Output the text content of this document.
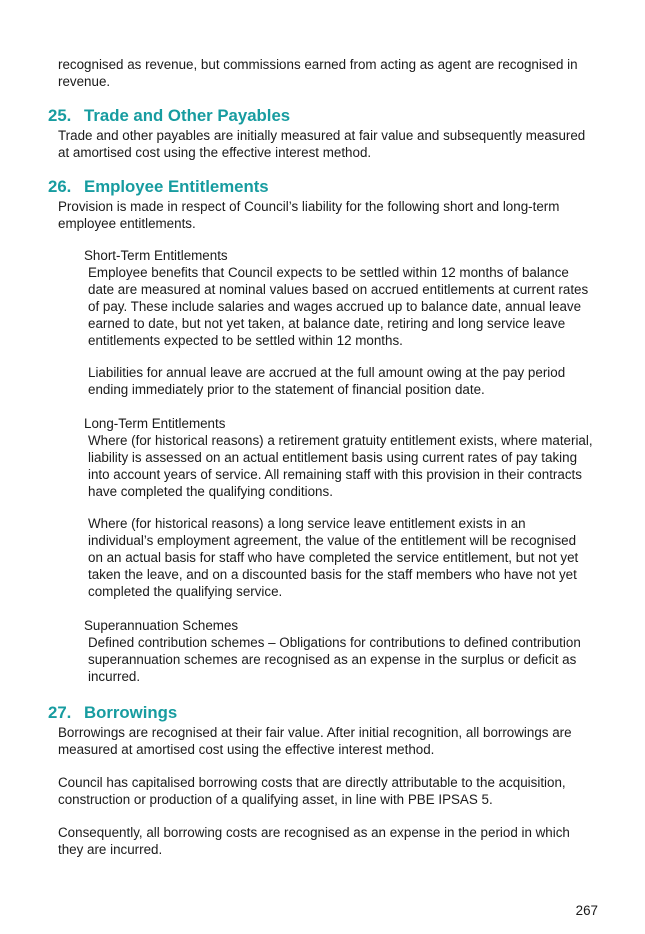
recognised as revenue, but commissions earned from acting as agent are recognised in revenue.

25. Trade and Other Payables

Trade and other payables are initially measured at fair value and subsequently measured at amortised cost using the effective interest method.

26. Employee Entitlements

Provision is made in respect of Council’s liability for the following short and long-term employee entitlements.

Short-Term Entitlements

Employee benefits that Council expects to be settled within 12 months of balance date are measured at nominal values based on accrued entitlements at current rates of pay. These include salaries and wages accrued up to balance date, annual leave earned to date, but not yet taken, at balance date, retiring and long service leave entitlements expected to be settled within 12 months.

Liabilities for annual leave are accrued at the full amount owing at the pay period ending immediately prior to the statement of financial position date.

Long-Term Entitlements

Where (for historical reasons) a retirement gratuity entitlement exists, where material, liability is assessed on an actual entitlement basis using current rates of pay taking into account years of service. All remaining staff with this provision in their contracts have completed the qualifying conditions.

Where (for historical reasons) a long service leave entitlement exists in an individual’s employment agreement, the value of the entitlement will be recognised on an actual basis for staff who have completed the service entitlement, but not yet taken the leave, and on a discounted basis for the staff members who have not yet completed the qualifying service.

Superannuation Schemes

Defined contribution schemes – Obligations for contributions to defined contribution superannuation schemes are recognised as an expense in the surplus or deficit as incurred.

27. Borrowings

Borrowings are recognised at their fair value. After initial recognition, all borrowings are measured at amortised cost using the effective interest method.

Council has capitalised borrowing costs that are directly attributable to the acquisition, construction or production of a qualifying asset, in line with PBE IPSAS 5.

Consequently, all borrowing costs are recognised as an expense in the period in which they are incurred.

267
